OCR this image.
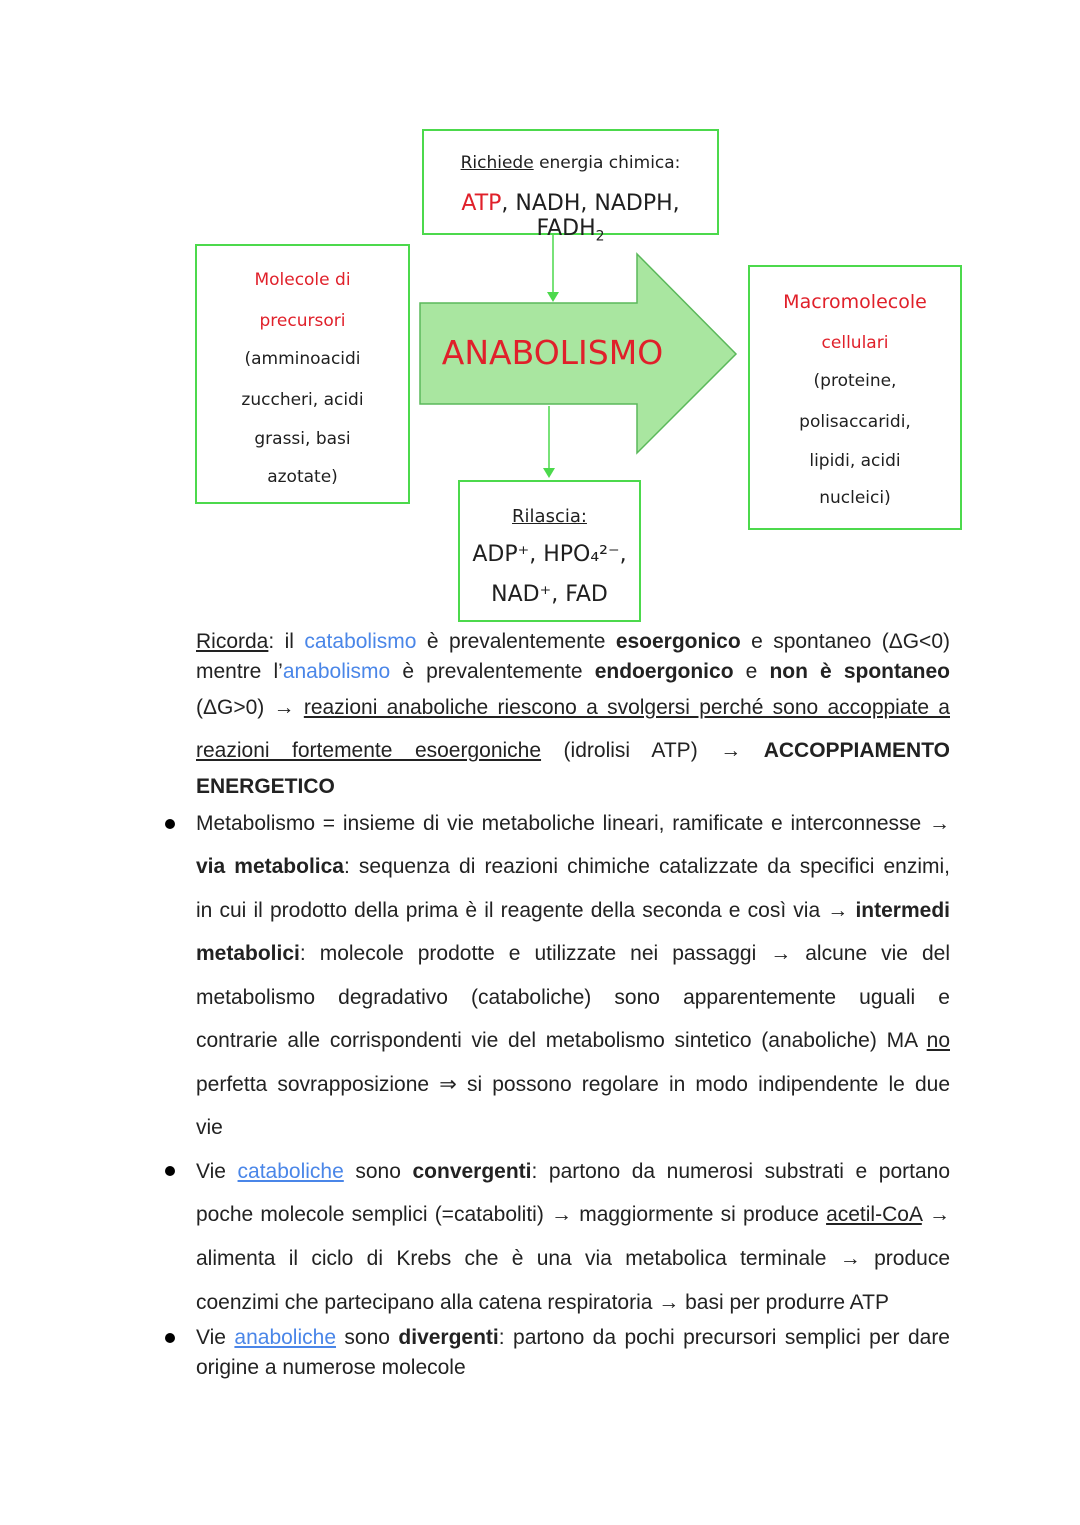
ANABOLISMO
Richiede energia chimica:
ATP, NADH, NADPH, $FADH_2$
Molecole di
precursori
(amminoacidi
zuccheri, acidi
grassi, basi
azotate)
Rilascia:
ADP⁺, HPO₄²⁻,
NAD⁺, FAD
Macromolecole
cellulari
(proteine,
polisaccaridi,
lipidi, acidi
nucleici)
Ricorda: il catabolismo è prevalentemente esoergonico e spontaneo (ΔG<0)
mentre l’anabolismo è prevalentemente endoergonico e non è spontaneo
(ΔG>0) → reazioni anaboliche riescono a svolgersi perché sono accoppiate a
reazioni fortemente esoergoniche (idrolisi ATP) → ACCOPPIAMENTO
ENERGETICO
Metabolismo = insieme di vie metaboliche lineari, ramificate e interconnesse →
via metabolica: sequenza di reazioni chimiche catalizzate da specifici enzimi,
in cui il prodotto della prima è il reagente della seconda e così via → intermedi
metabolici: molecole prodotte e utilizzate nei passaggi → alcune vie del
metabolismo degradativo (cataboliche) sono apparentemente uguali e
contrarie alle corrispondenti vie del metabolismo sintetico (anaboliche) MA no
perfetta sovrapposizione ⇒ si possono regolare in modo indipendente le due
vie
Vie cataboliche sono convergenti: partono da numerosi substrati e portano
poche molecole semplici (=cataboliti) → maggiormente si produce acetil-CoA →
alimenta il ciclo di Krebs che è una via metabolica terminale → produce
coenzimi che partecipano alla catena respiratoria → basi per produrre ATP
Vie anaboliche sono divergenti: partono da pochi precursori semplici per dare
origine a numerose molecole
